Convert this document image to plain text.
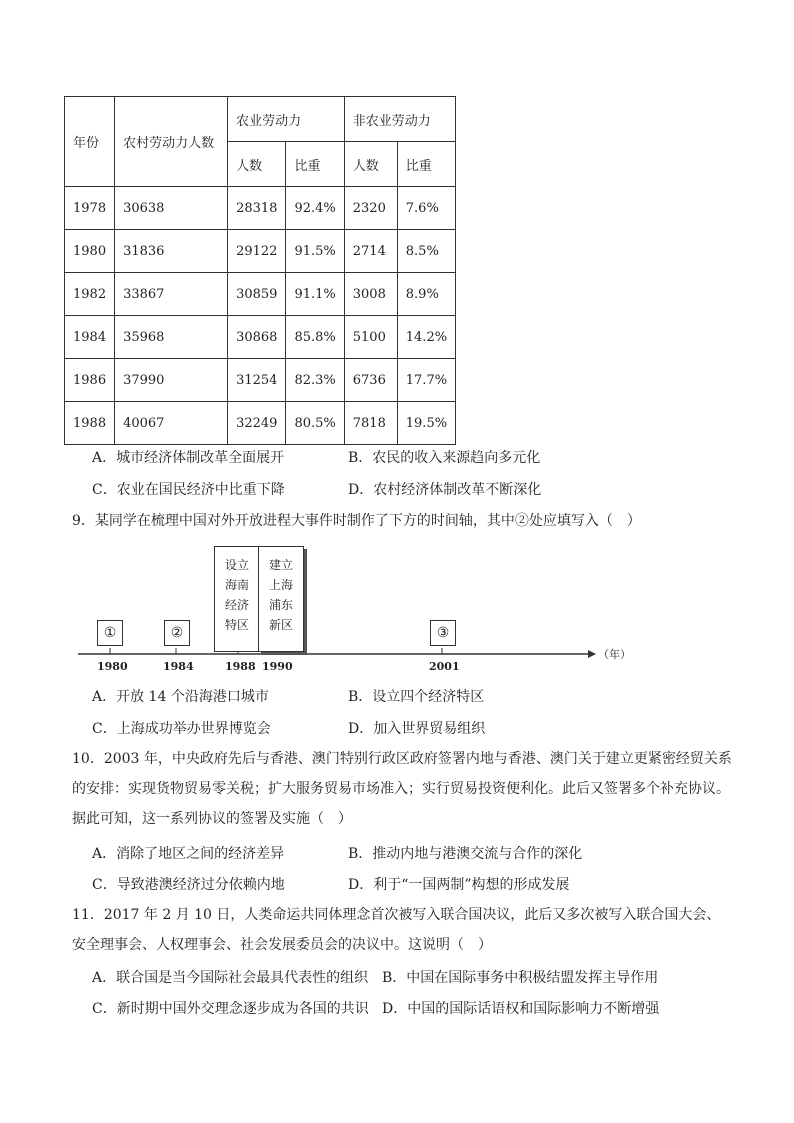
年份	农村劳动力人数	农业劳动力		非农业劳动力	
		人数	比重	人数	比重
1978	30638	28318	92.4%	2320	7.6%
1980	31836	29122	91.5%	2714	8.5%
1982	33867	30859	91.1%	3008	8.9%
1984	35968	30868	85.8%	5100	14.2%
1986	37990	31254	82.3%	6736	17.7%
1988	40067	32249	80.5%	7818	19.5%
A．城市经济体制改革全面展开	B．农民的收入来源趋向多元化
C．农业在国民经济中比重下降	D．农村经济体制改革不断深化
9．某同学在梳理中国对外开放进程大事件时制作了下方的时间轴，其中②处应填写入（　）
（年）
①	②	③
设立
海南
经济
特区
建立
上海
浦东
新区
1980	1984	1988 1990	2001
A．开放 14 个沿海港口城市	B．设立四个经济特区
C．上海成功举办世界博览会	D．加入世界贸易组织
10．2003 年，中央政府先后与香港、澳门特别行政区政府签署内地与香港、澳门关于建立更紧密经贸关系的安排：实现货物贸易零关税；扩大服务贸易市场准入；实行贸易投资便利化。此后又签署多个补充协议。据此可知，这一系列协议的签署及实施（　）
A．消除了地区之间的经济差异	B．推动内地与港澳交流与合作的深化
C．导致港澳经济过分依赖内地	D．利于“一国两制”构想的形成发展
11．2017 年 2 月 10 日，人类命运共同体理念首次被写入联合国决议，此后又多次被写入联合国大会、安全理事会、人权理事会、社会发展委员会的决议中。这说明（　）
A．联合国是当今国际社会最具代表性的组织 B．中国在国际事务中积极结盟发挥主导作用
C．新时期中国外交理念逐步成为各国的共识 D．中国的国际话语权和国际影响力不断增强
